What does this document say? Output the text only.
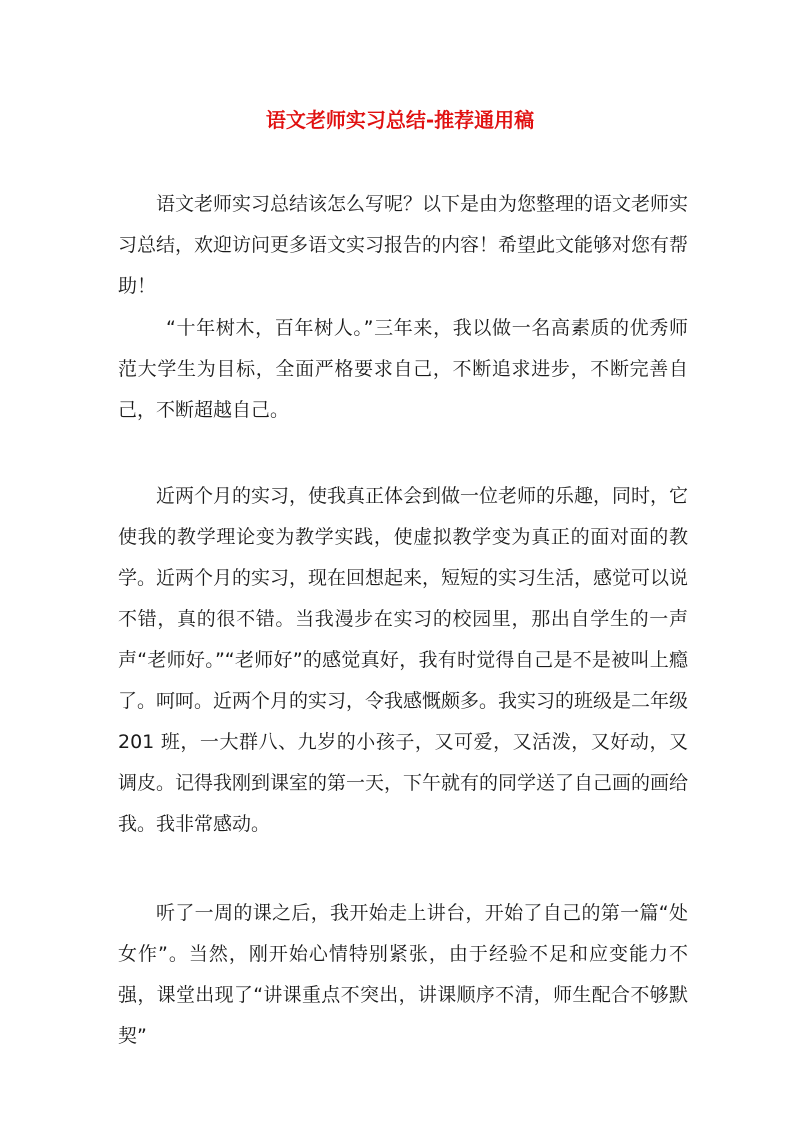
语文老师实习总结-推荐通用稿

语文老师实习总结该怎么写呢？以下是由为您整理的语文老师实习总结，欢迎访问更多语文实习报告的内容！希望此文能够对您有帮助！

“十年树木，百年树人。”三年来，我以做一名高素质的优秀师范大学生为目标，全面严格要求自己，不断追求进步，不断完善自己，不断超越自己。

近两个月的实习，使我真正体会到做一位老师的乐趣，同时，它使我的教学理论变为教学实践，使虚拟教学变为真正的面对面的教学。近两个月的实习，现在回想起来，短短的实习生活，感觉可以说不错，真的很不错。当我漫步在实习的校园里，那出自学生的一声声“老师好。”“老师好”的感觉真好，我有时觉得自己是不是被叫上瘾了。呵呵。近两个月的实习，令我感慨颇多。我实习的班级是二年级 201 班，一大群八、九岁的小孩子，又可爱，又活泼，又好动，又调皮。记得我刚到课室的第一天，下午就有的同学送了自己画的画给我。我非常感动。

听了一周的课之后，我开始走上讲台，开始了自己的第一篇“处女作”。当然，刚开始心情特别紧张，由于经验不足和应变能力不强，课堂出现了“讲课重点不突出，讲课顺序不清，师生配合不够默契”
